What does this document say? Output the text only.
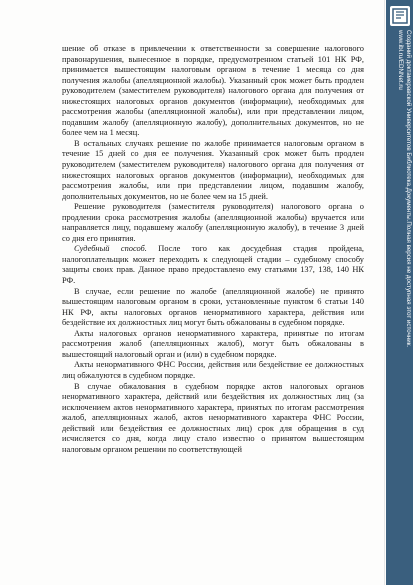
шение об отказе в привлечении к ответственности за совершение налогового правонарушения, вынесенное в порядке, предусмотренном статьей 101 НК РФ, принимается вышестоящим налоговым органом в течение 1 месяца со дня получения жалобы (апелляционной жалобы). Указанный срок может быть продлен руководителем (заместителем руководителя) налогового органа для получения от нижестоящих налоговых органов документов (информации), необходимых для рассмотрения жалобы (апелляционной жалобы), или при представлении лицом, подавшим жалобу (апелляционную жалобу), дополнительных документов, но не более чем на 1 месяц.

В остальных случаях решение по жалобе принимается налоговым органом в течение 15 дней со дня ее получения. Указанный срок может быть продлен руководителем (заместителем руководителя) налогового органа для получения от нижестоящих налоговых органов документов (информации), необходимых для рассмотрения жалобы, или при представлении лицом, подавшим жалобу, дополнительных документов, но не более чем на 15 дней.

Решение руководителя (заместителя руководителя) налогового органа о продлении срока рассмотрения жалобы (апелляционной жалобы) вручается или направляется лицу, подавшему жалобу (апелляционную жалобу), в течение 3 дней со дня его принятия.

Судебный способ. После того как досудебная стадия пройдена, налогоплательщик может переходить к следующей стадии – судебному способу защиты своих прав. Данное право предоставлено ему статьями 137, 138, 140 НК РФ.

В случае, если решение по жалобе (апелляционной жалобе) не принято вышестоящим налоговым органом в сроки, установленные пунктом 6 статьи 140 НК РФ, акты налоговых органов ненормативного характера, действия или бездействие их должностных лиц могут быть обжалованы в судебном порядке.

Акты налоговых органов ненормативного характера, принятые по итогам рассмотрения жалоб (апелляционных жалоб), могут быть обжалованы в вышестоящий налоговый орган и (или) в судебном порядке.

Акты ненормативного ФНС России, действия или бездействие ее должностных лиц обжалуются в судебном порядке.

В случае обжалования в судебном порядке актов налоговых органов ненормативного характера, действий или бездействия их должностных лиц (за исключением актов ненормативного характера, принятых по итогам рассмотрения жалоб, апелляционных жалоб, актов ненормативного характера ФНС России, действий или бездействия ее должностных лиц) срок для обращения в суд исчисляется со дня, когда лицу стало известно о принятом вышестоящим налоговым органом решении по соответствующей

Созданий доктамеравской Университетов Библиотека.Документы.Полная версия не доступная этот источник.
www.ibl.ru/EDNNet.ru
